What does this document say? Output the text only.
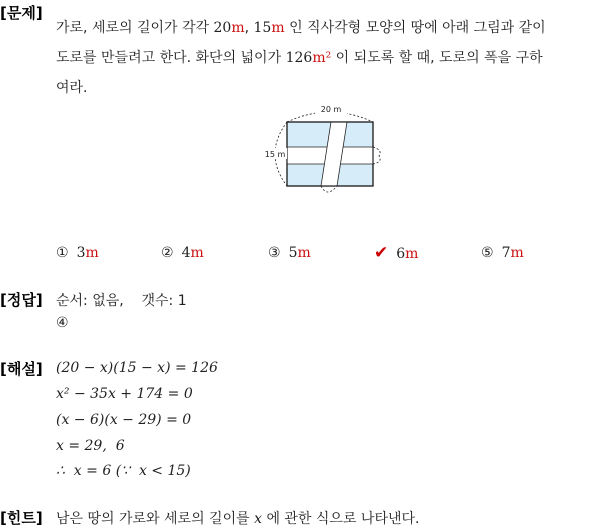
[문제]
[정답]
[해설]
[힌트]
가로, 세로의 길이가 각각 20m, 15m 인 직사각형 모양의 땅에 아래 그림과 같이
도로를 만들려고 한다. 화단의 넓이가 126m² 이 되도록 할 때, 도로의 폭을 구하
여라.
20 m
15 m
① 3m	② 4m	③ 5m	✔ 6m	⑤ 7m
순서: 없음,    갯수: 1
④
(20 − x)(15 − x) = 126
x² − 35x + 174 = 0
(x − 6)(x − 29) = 0
x = 29,  6
∴  x = 6 (∵  x < 15)
남은 땅의 가로와 세로의 길이를 x 에 관한 식으로 나타낸다.
